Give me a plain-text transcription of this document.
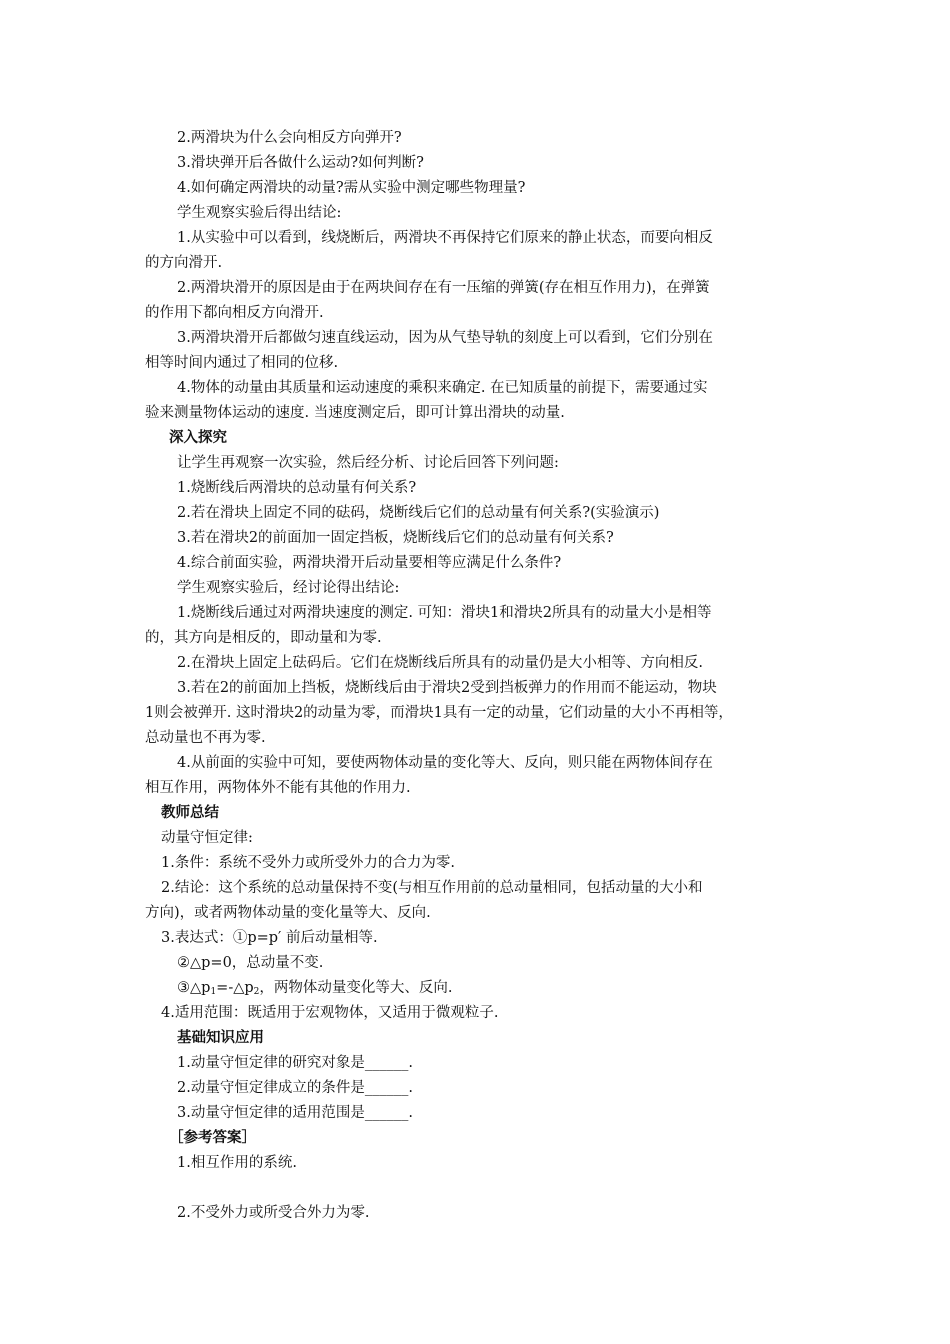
2.两滑块为什么会向相反方向弹开?
3.滑块弹开后各做什么运动?如何判断?
4.如何确定两滑块的动量?需从实验中测定哪些物理量?
学生观察实验后得出结论:
1.从实验中可以看到，线烧断后，两滑块不再保持它们原来的静止状态，而要向相反
的方向滑开.
2.两滑块滑开的原因是由于在两块间存在有一压缩的弹簧(存在相互作用力)，在弹簧
的作用下都向相反方向滑开.
3.两滑块滑开后都做匀速直线运动，因为从气垫导轨的刻度上可以看到，它们分别在
相等时间内通过了相同的位移.
4.物体的动量由其质量和运动速度的乘积来确定. 在已知质量的前提下，需要通过实
验来测量物体运动的速度. 当速度测定后，即可计算出滑块的动量.
深入探究
让学生再观察一次实验，然后经分析、讨论后回答下列问题:
1.烧断线后两滑块的总动量有何关系?
2.若在滑块上固定不同的砝码，烧断线后它们的总动量有何关系?(实验演示)
3.若在滑块2的前面加一固定挡板，烧断线后它们的总动量有何关系?
4.综合前面实验，两滑块滑开后动量要相等应满足什么条件?
学生观察实验后，经讨论得出结论:
1.烧断线后通过对两滑块速度的测定. 可知：滑块1和滑块2所具有的动量大小是相等
的，其方向是相反的，即动量和为零.
2.在滑块上固定上砝码后。它们在烧断线后所具有的动量仍是大小相等、方向相反.
3.若在2的前面加上挡板，烧断线后由于滑块2受到挡板弹力的作用而不能运动，物块
1则会被弹开. 这时滑块2的动量为零，而滑块1具有一定的动量，它们动量的大小不再相等，
总动量也不再为零.
4.从前面的实验中可知，要使两物体动量的变化等大、反向，则只能在两物体间存在
相互作用，两物体外不能有其他的作用力.
教师总结
动量守恒定律:
1.条件：系统不受外力或所受外力的合力为零.
2.结论：这个系统的总动量保持不变(与相互作用前的总动量相同，包括动量的大小和
方向)，或者两物体动量的变化量等大、反向.
3.表达式：①p=p′ 前后动量相等.
②△p=0，总动量不变.
$③\triangle p_1=-\triangle p_2$，两物体动量变化等大、反向.
4.适用范围：既适用于宏观物体，又适用于微观粒子.
基础知识应用
1.动量守恒定律的研究对象是______.
2.动量守恒定律成立的条件是______.
3.动量守恒定律的适用范围是______.
［参考答案］
1.相互作用的系统.
2.不受外力或所受合外力为零.
